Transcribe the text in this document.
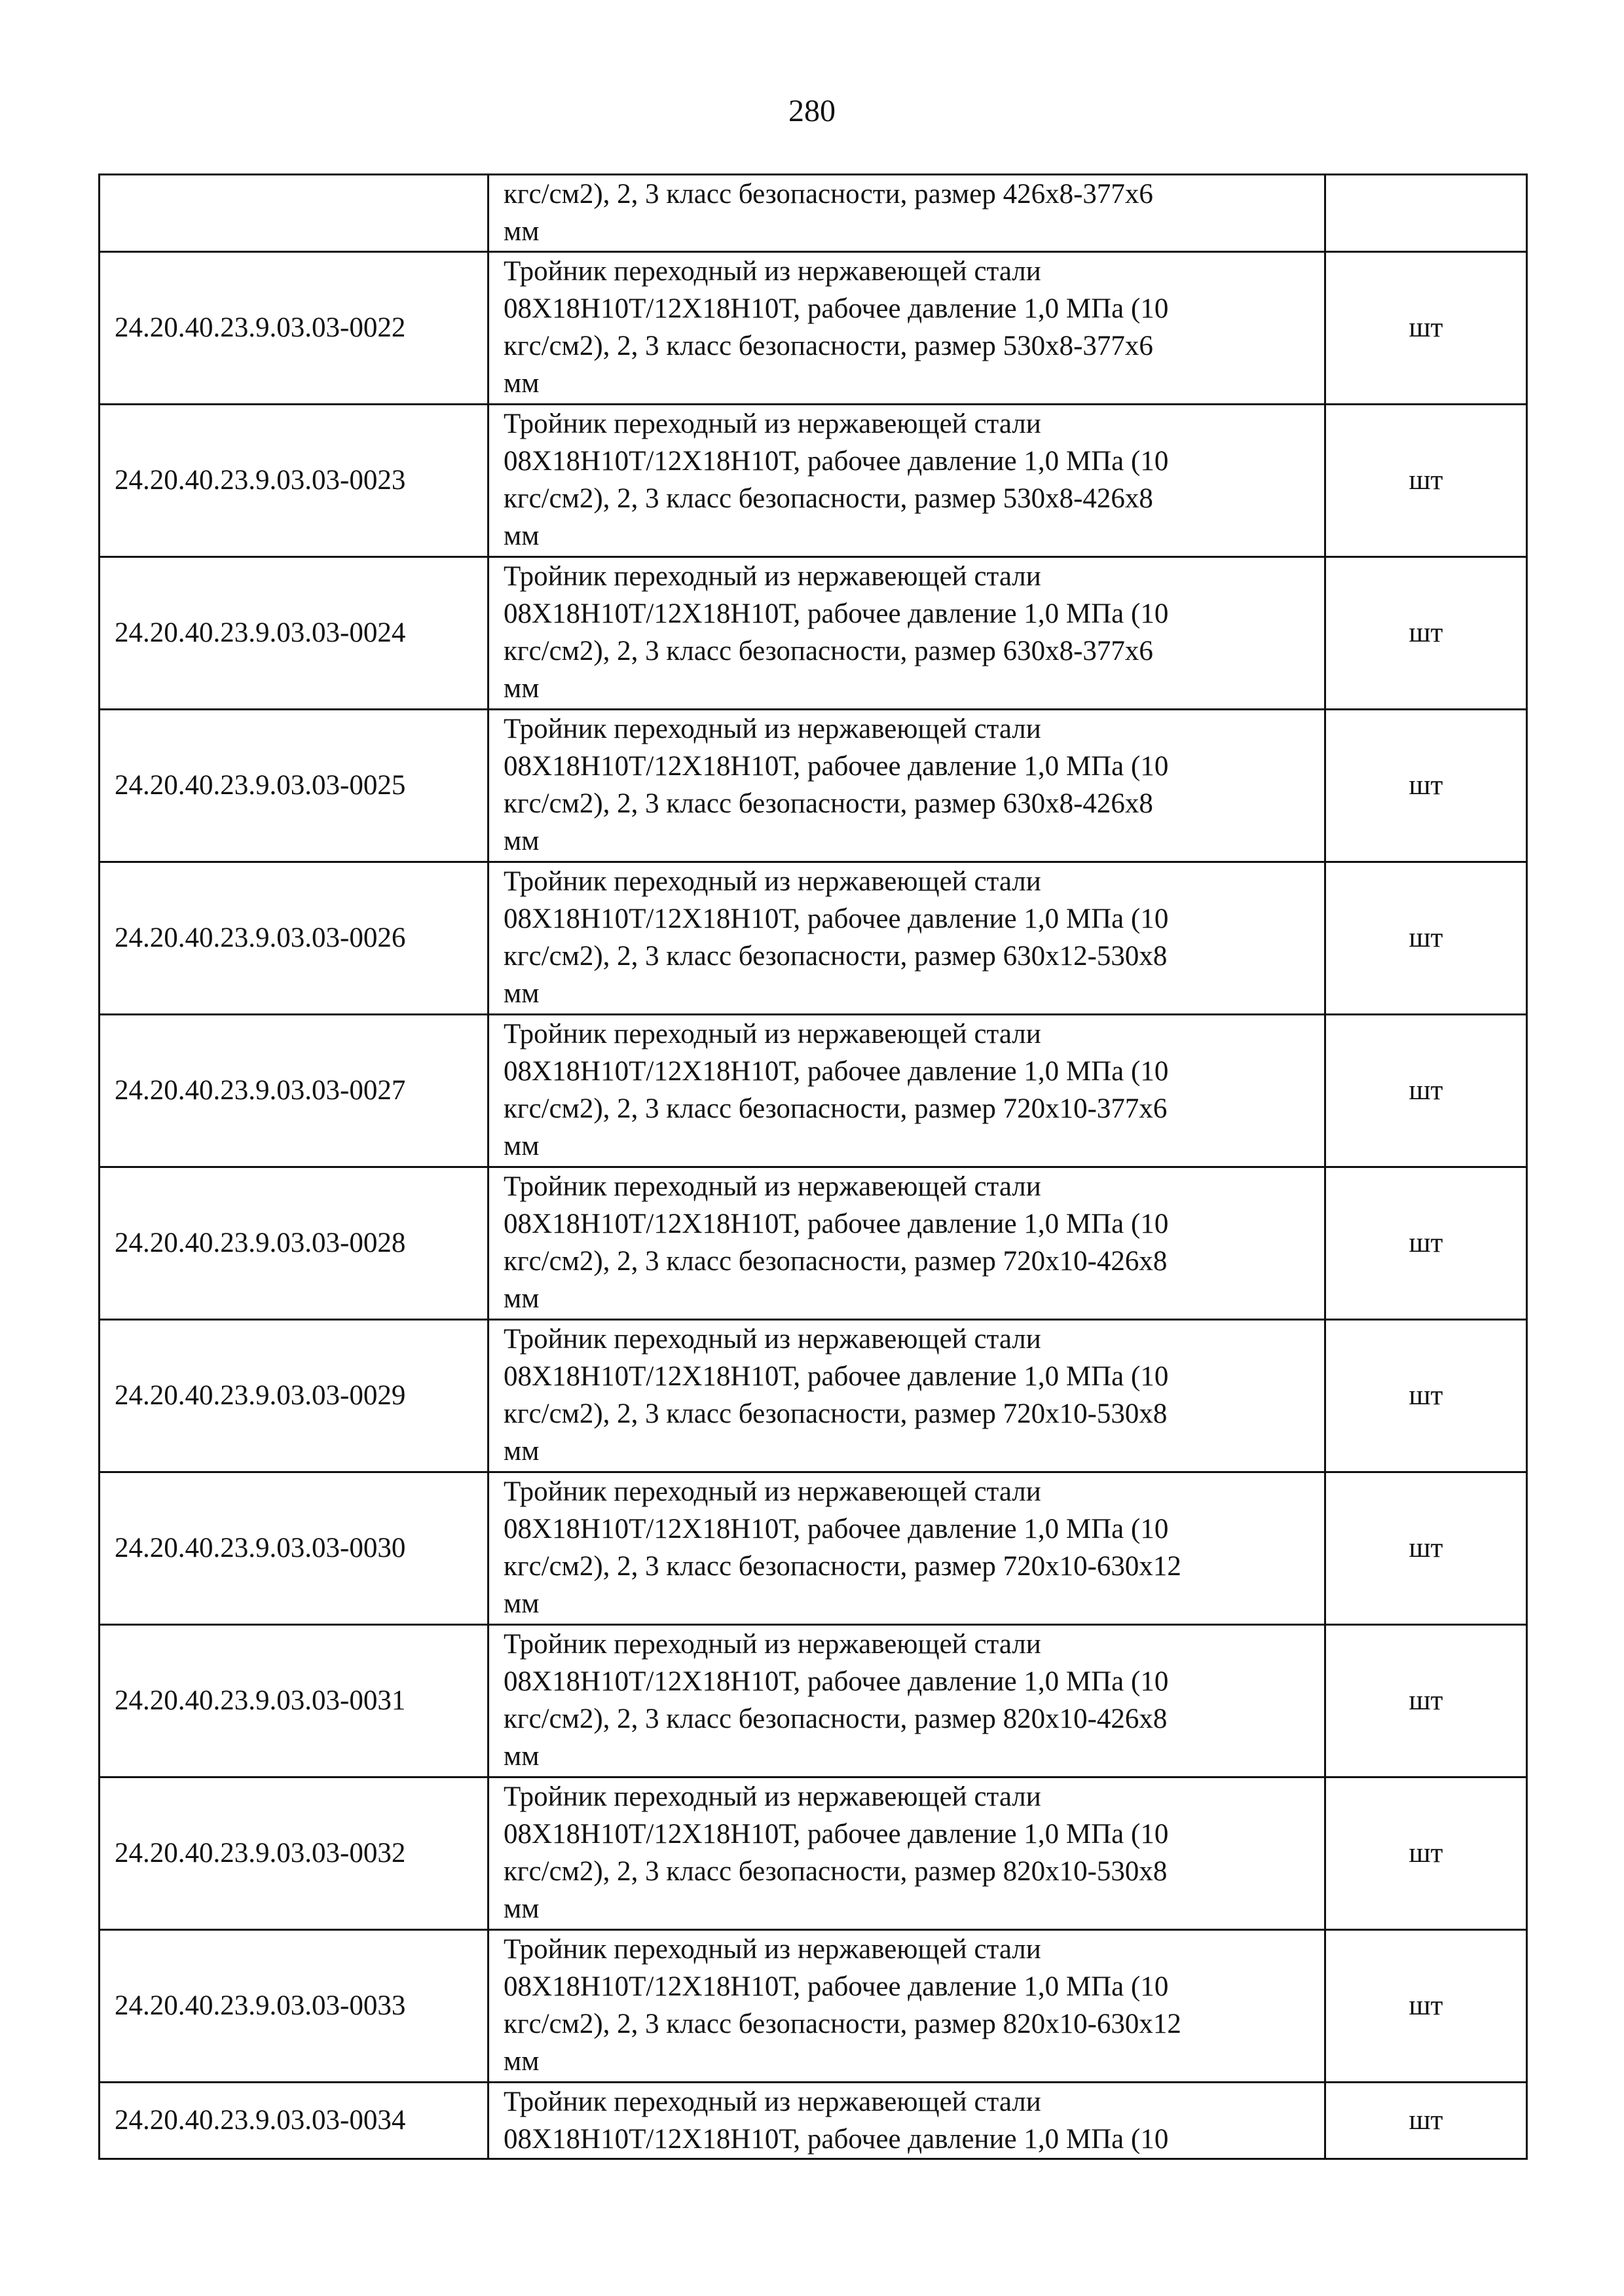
280

	кгс/см2), 2, 3 класс безопасности, размер 426х8-377х6
мм	

24.20.40.23.9.03.03-0022	Тройник переходный из нержавеющей стали
08Х18Н10Т/12Х18Н10Т, рабочее давление 1,0 МПа (10
кгс/см2), 2, 3 класс безопасности, размер 530х8-377х6
мм	шт
24.20.40.23.9.03.03-0023	Тройник переходный из нержавеющей стали
08Х18Н10Т/12Х18Н10Т, рабочее давление 1,0 МПа (10
кгс/см2), 2, 3 класс безопасности, размер 530х8-426х8
мм	шт
24.20.40.23.9.03.03-0024	Тройник переходный из нержавеющей стали
08Х18Н10Т/12Х18Н10Т, рабочее давление 1,0 МПа (10
кгс/см2), 2, 3 класс безопасности, размер 630х8-377х6
мм	шт
24.20.40.23.9.03.03-0025	Тройник переходный из нержавеющей стали
08Х18Н10Т/12Х18Н10Т, рабочее давление 1,0 МПа (10
кгс/см2), 2, 3 класс безопасности, размер 630х8-426х8
мм	шт
24.20.40.23.9.03.03-0026	Тройник переходный из нержавеющей стали
08Х18Н10Т/12Х18Н10Т, рабочее давление 1,0 МПа (10
кгс/см2), 2, 3 класс безопасности, размер 630х12-530х8
мм	шт
24.20.40.23.9.03.03-0027	Тройник переходный из нержавеющей стали
08Х18Н10Т/12Х18Н10Т, рабочее давление 1,0 МПа (10
кгс/см2), 2, 3 класс безопасности, размер 720х10-377х6
мм	шт
24.20.40.23.9.03.03-0028	Тройник переходный из нержавеющей стали
08Х18Н10Т/12Х18Н10Т, рабочее давление 1,0 МПа (10
кгс/см2), 2, 3 класс безопасности, размер 720х10-426х8
мм	шт
24.20.40.23.9.03.03-0029	Тройник переходный из нержавеющей стали
08Х18Н10Т/12Х18Н10Т, рабочее давление 1,0 МПа (10
кгс/см2), 2, 3 класс безопасности, размер 720х10-530х8
мм	шт
24.20.40.23.9.03.03-0030	Тройник переходный из нержавеющей стали
08Х18Н10Т/12Х18Н10Т, рабочее давление 1,0 МПа (10
кгс/см2), 2, 3 класс безопасности, размер 720х10-630х12
мм	шт
24.20.40.23.9.03.03-0031	Тройник переходный из нержавеющей стали
08Х18Н10Т/12Х18Н10Т, рабочее давление 1,0 МПа (10
кгс/см2), 2, 3 класс безопасности, размер 820х10-426х8
мм	шт
24.20.40.23.9.03.03-0032	Тройник переходный из нержавеющей стали
08Х18Н10Т/12Х18Н10Т, рабочее давление 1,0 МПа (10
кгс/см2), 2, 3 класс безопасности, размер 820х10-530х8
мм	шт
24.20.40.23.9.03.03-0033	Тройник переходный из нержавеющей стали
08Х18Н10Т/12Х18Н10Т, рабочее давление 1,0 МПа (10
кгс/см2), 2, 3 класс безопасности, размер 820х10-630х12
мм	шт
24.20.40.23.9.03.03-0034	Тройник переходный из нержавеющей стали
08Х18Н10Т/12Х18Н10Т, рабочее давление 1,0 МПа (10	шт
